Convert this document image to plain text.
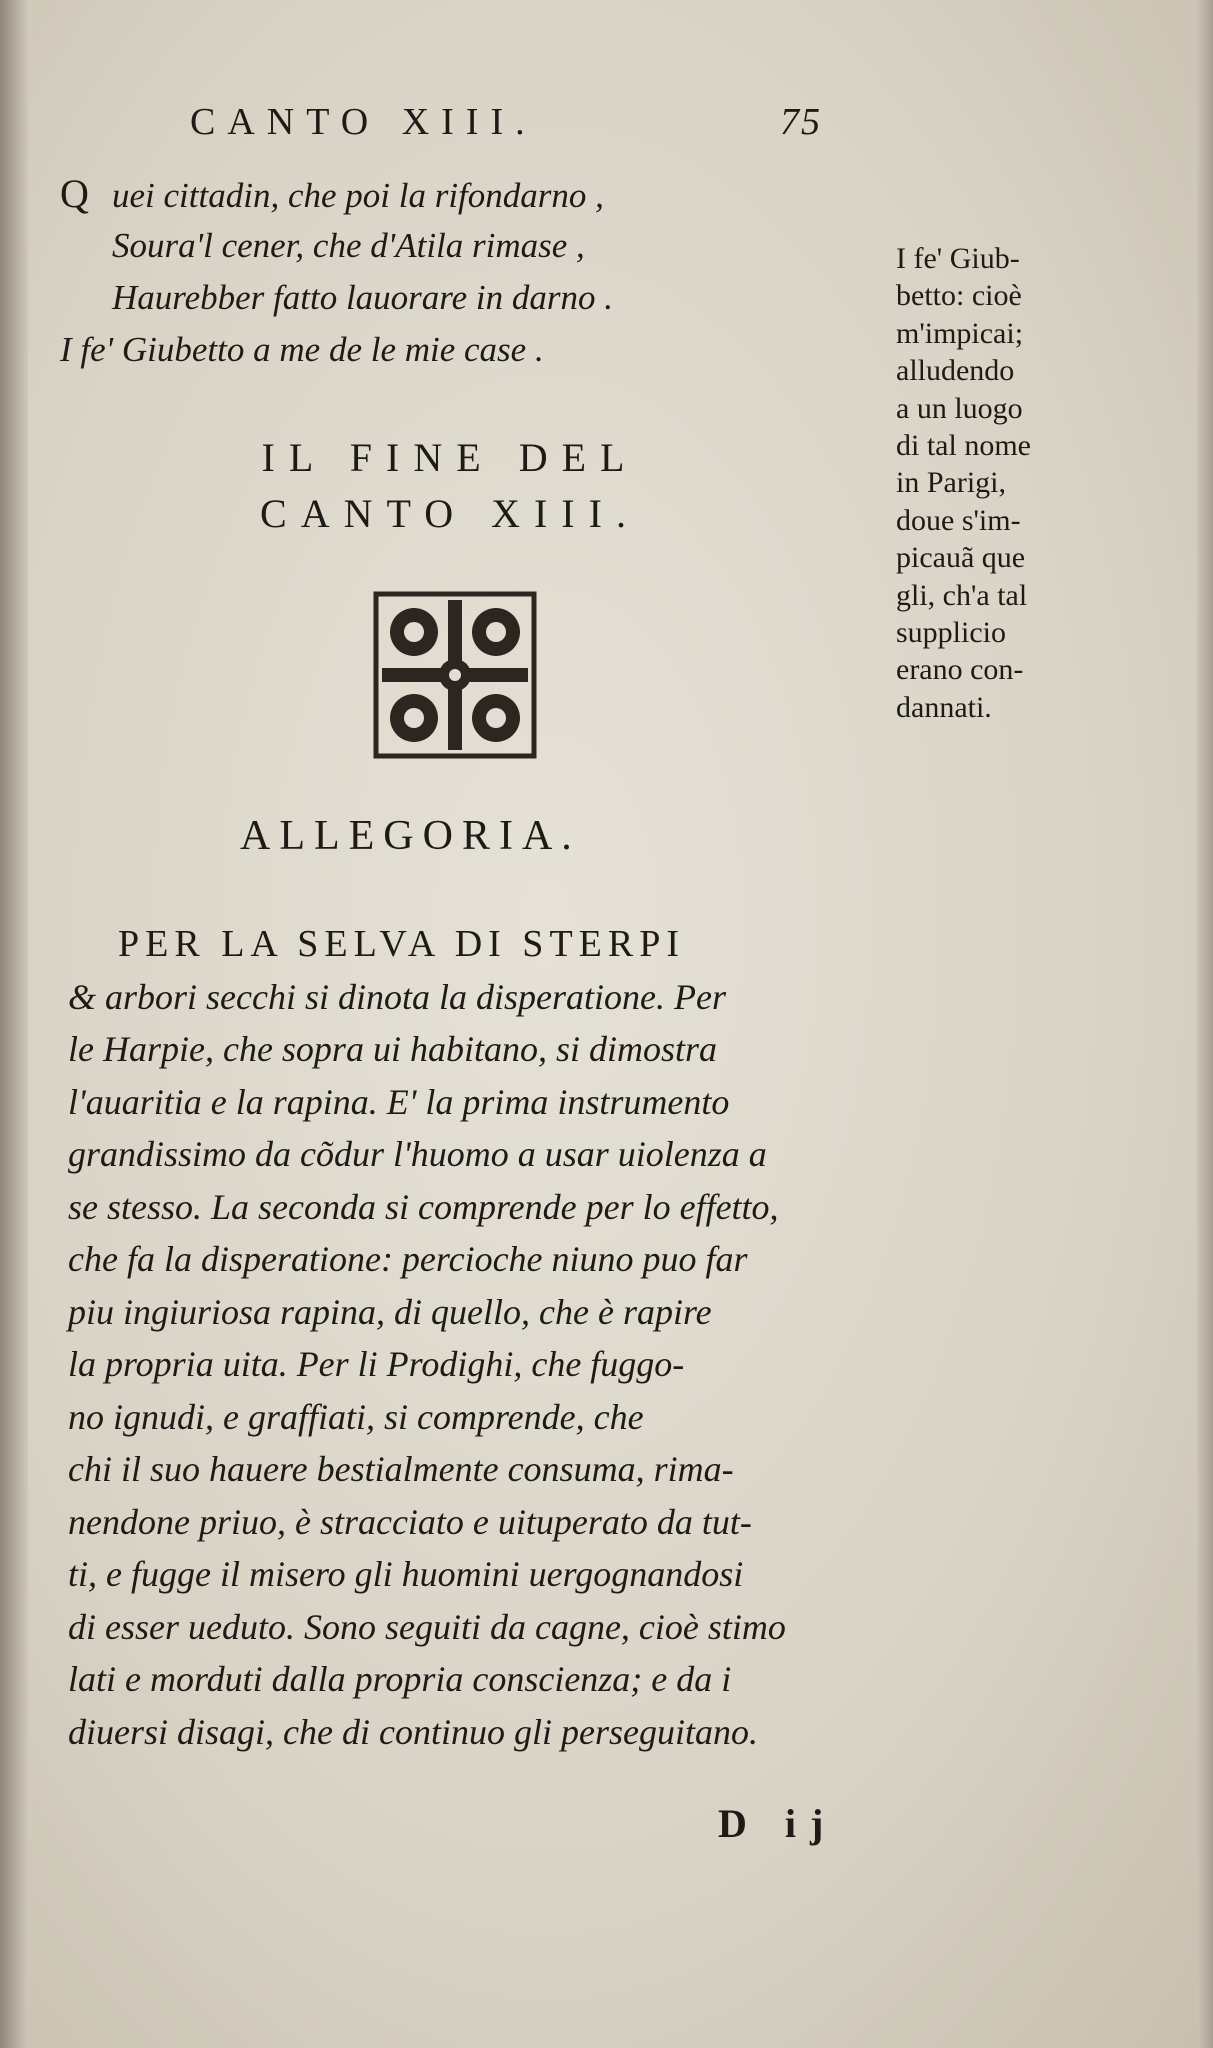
CANTO XIII.	75
Q uei cittadin, che poi la rifondarno ,
Soura'l cener, che d'Atila rimase ,
Haurebber fatto lauorare in darno .
I fe' Giubetto a me de le mie case .
IL FINE DEL
CANTO XIII.
ALLEGORIA.
PER LA SELVA DI STERPI
& arbori secchi si dinota la disperatione. Per
le Harpie, che sopra ui habitano, si dimostra
l'auaritia e la rapina. E' la prima instrumento
grandissimo da cõdur l'huomo a usar uiolenza a
se stesso. La seconda si comprende per lo effetto,
che fa la disperatione: percioche niuno puo far
piu ingiuriosa rapina, di quello, che è rapire
la propria uita. Per li Prodighi, che fuggo-
no ignudi, e graffiati, si comprende, che
chi il suo hauere bestialmente consuma, rima-
nendone priuo, è stracciato e uituperato da tut-
ti, e fugge il misero gli huomini uergognandosi
di esser ueduto. Sono seguiti da cagne, cioè stimo
lati e morduti dalla propria conscienza; e da i
diuersi disagi, che di continuo gli perseguitano.
I fe' Giub-
betto: cioè
m'impicai;
alludendo
a un luogo
di tal nome
in Parigi,
doue s'im-
picauã que
gli, ch'a tal
supplicio
erano con-
dannati.
D ij
